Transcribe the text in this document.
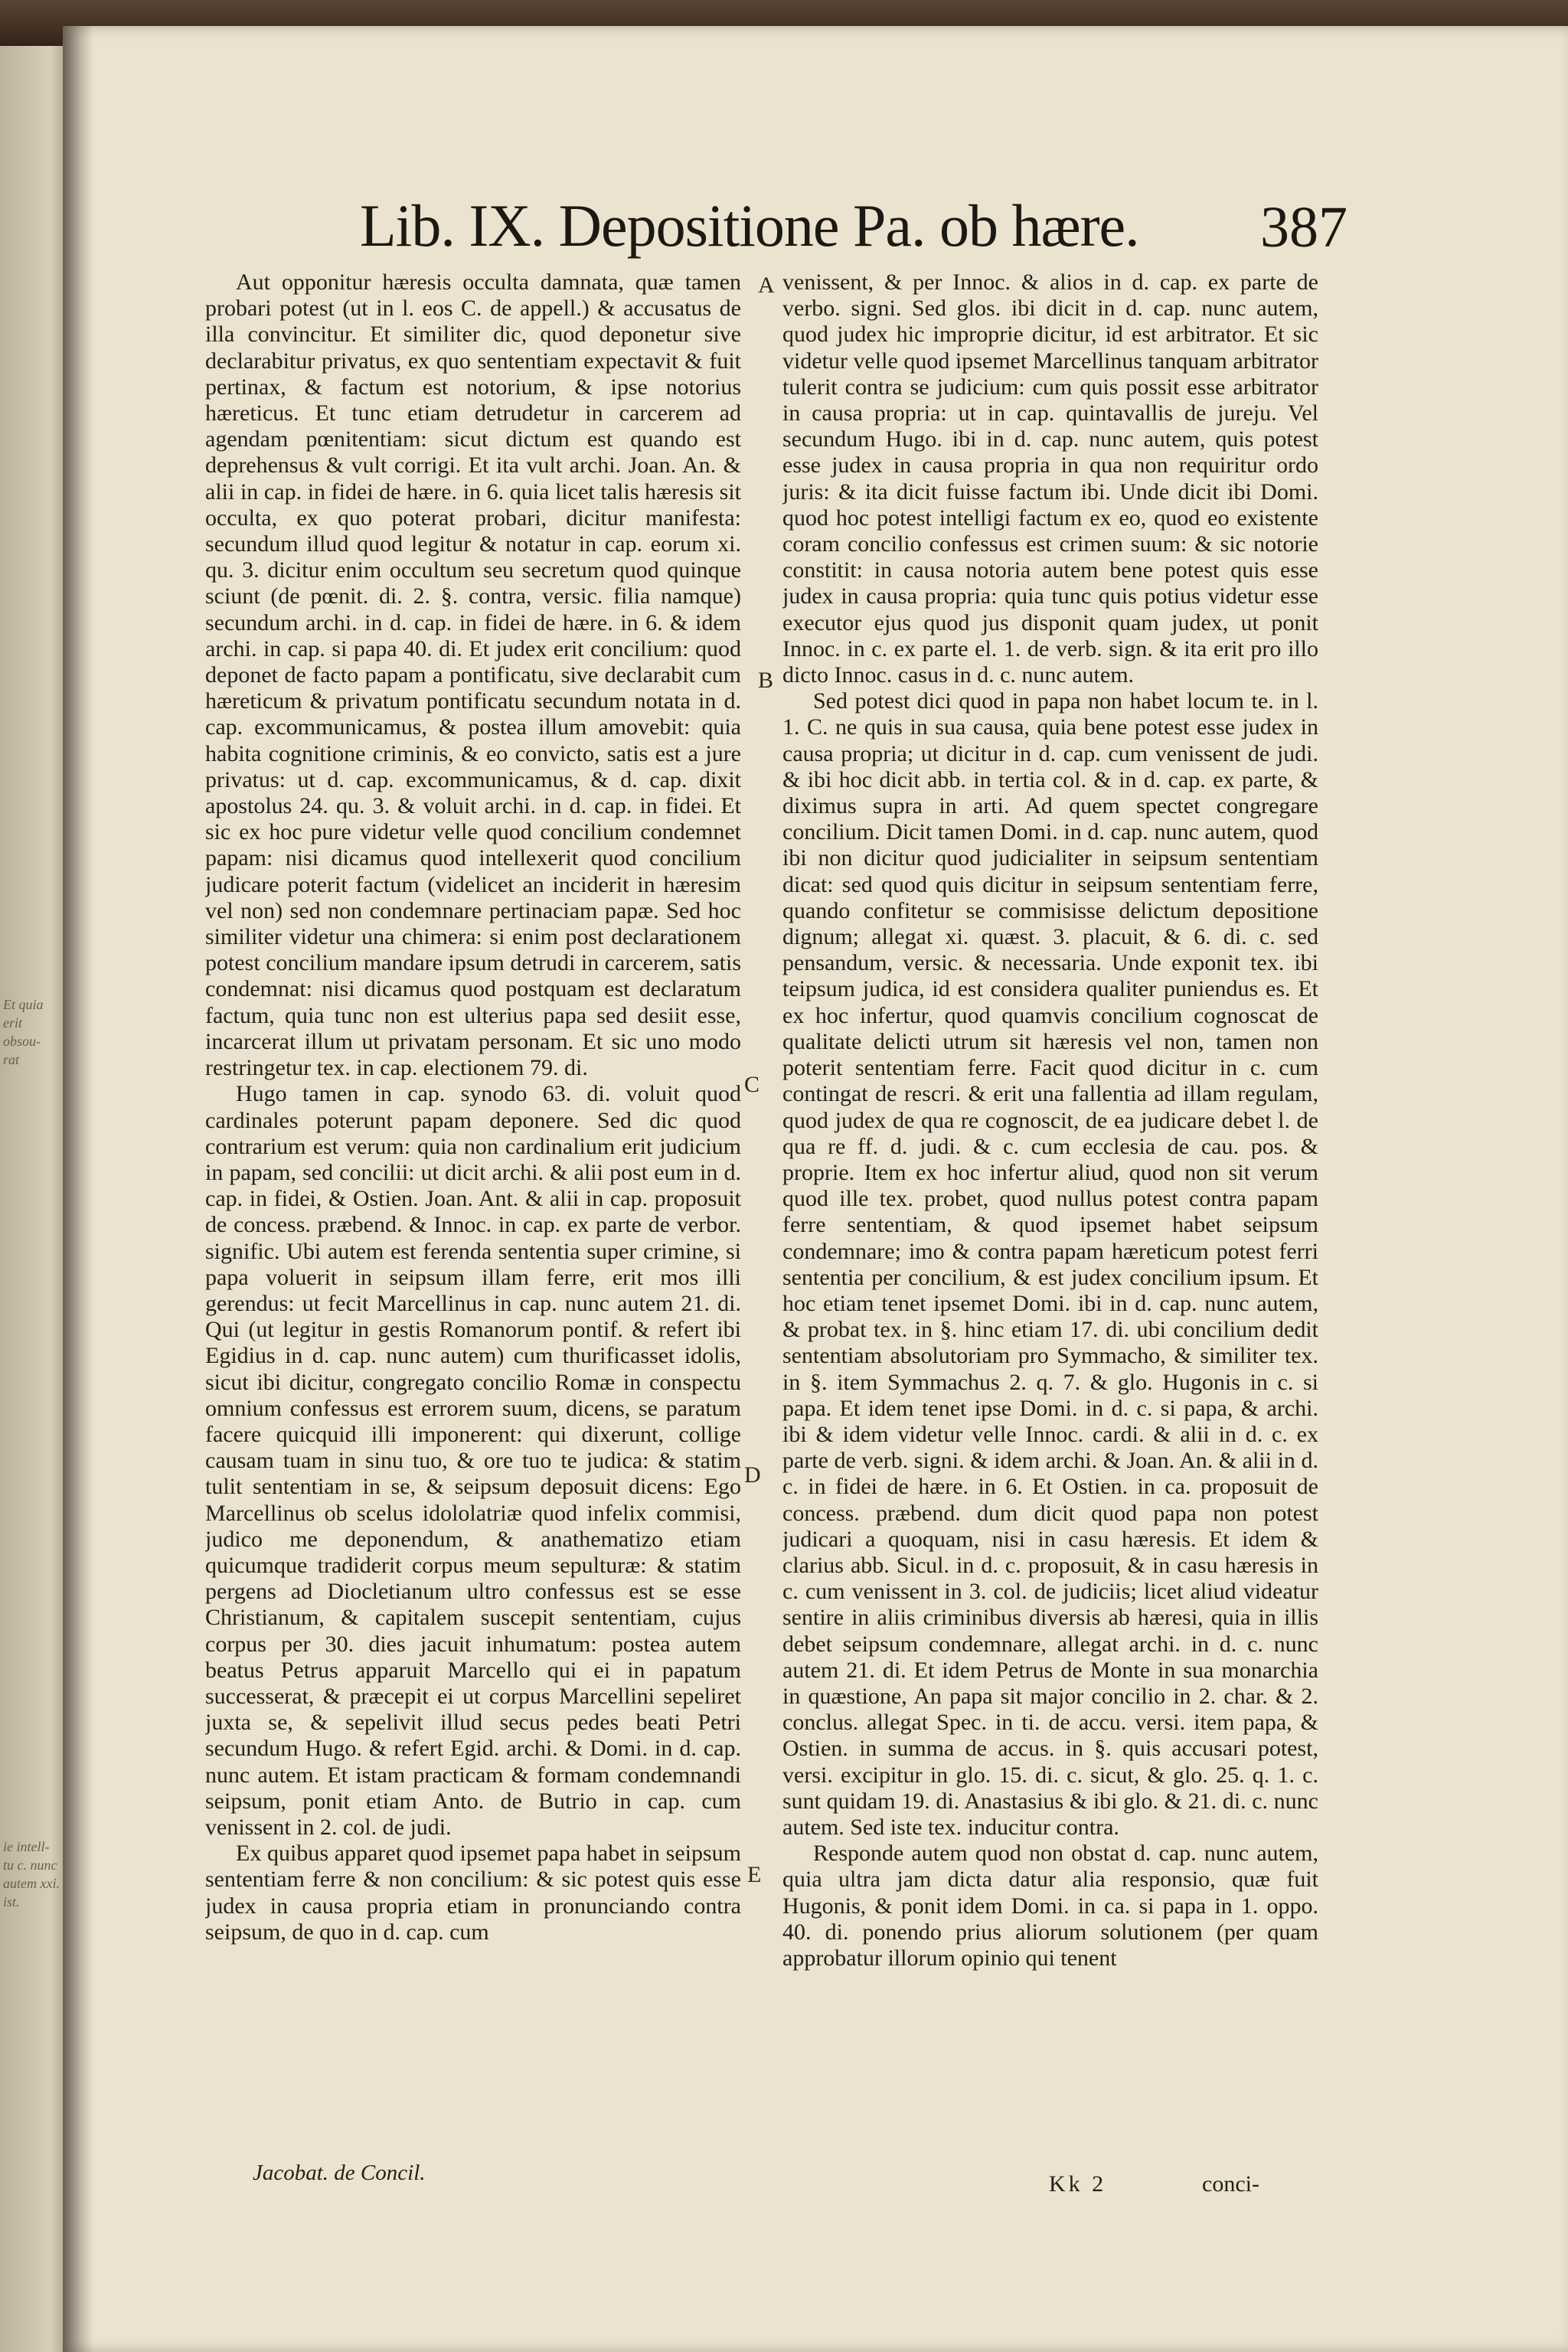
Et quia
erit
obsou-
rat
ie intell-
tu c. nunc
autem xxi.
ist.
Lib. IX. Depositione Pa. ob hære. 387

Aut opponitur hæresis occulta damnata, quæ tamen probari potest (ut in l. eos C. de appell.) & accusatus de illa convincitur. Et similiter dic, quod deponetur sive declarabitur privatus, ex quo sententiam expectavit & fuit pertinax, & factum est notorium, & ipse notorius hæreticus. Et tunc etiam detrudetur in carcerem ad agendam pœnitentiam: sicut dictum est quando est deprehensus & vult corrigi. Et ita vult archi. Joan. An. & alii in cap. in fidei de hære. in 6. quia licet talis hæresis sit occulta, ex quo poterat probari, dicitur manifesta: secundum illud quod legitur & notatur in cap. eorum xi. qu. 3. dicitur enim occultum seu secretum quod quinque sciunt (de pœnit. di. 2. §. contra, versic. filia namque) secundum archi. in d. cap. in fidei de hære. in 6. & idem archi. in cap. si papa 40. di. Et judex erit concilium: quod deponet de facto papam a pontificatu, sive declarabit cum hæreticum & privatum pontificatu secundum notata in d. cap. excommunicamus, & postea illum amovebit: quia habita cognitione criminis, & eo convicto, satis est a jure privatus: ut d. cap. excommunicamus, & d. cap. dixit apostolus 24. qu. 3. & voluit archi. in d. cap. in fidei. Et sic ex hoc pure videtur velle quod concilium condemnet papam: nisi dicamus quod intellexerit quod concilium judicare poterit factum (videlicet an inciderit in hæresim vel non) sed non condemnare pertinaciam papæ. Sed hoc similiter videtur una chimera: si enim post declarationem potest concilium mandare ipsum detrudi in carcerem, satis condemnat: nisi dicamus quod postquam est declaratum factum, quia tunc non est ulterius papa sed desiit esse, incarcerat illum ut privatam personam. Et sic uno modo restringetur tex. in cap. electionem 79. di.

Hugo tamen in cap. synodo 63. di. voluit quod cardinales poterunt papam deponere. Sed dic quod contrarium est verum: quia non cardinalium erit judicium in papam, sed concilii: ut dicit archi. & alii post eum in d. cap. in fidei, & Ostien. Joan. Ant. & alii in cap. proposuit de concess. præbend. & Innoc. in cap. ex parte de verbor. signific. Ubi autem est ferenda sententia super crimine, si papa voluerit in seipsum illam ferre, erit mos illi gerendus: ut fecit Marcellinus in cap. nunc autem 21. di. Qui (ut legitur in gestis Romanorum pontif. & refert ibi Egidius in d. cap. nunc autem) cum thurificasset idolis, sicut ibi dicitur, congregato concilio Romæ in conspectu omnium confessus est errorem suum, dicens, se paratum facere quicquid illi imponerent: qui dixerunt, collige causam tuam in sinu tuo, & ore tuo te judica: & statim tulit sententiam in se, & seipsum deposuit dicens: Ego Marcellinus ob scelus idololatriæ quod infelix commisi, judico me deponendum, & anathematizo etiam quicumque tradiderit corpus meum sepulturæ: & statim pergens ad Diocletianum ultro confessus est se esse Christianum, & capitalem suscepit sententiam, cujus corpus per 30. dies jacuit inhumatum: postea autem beatus Petrus apparuit Marcello qui ei in papatum successerat, & præcepit ei ut corpus Marcellini sepeliret juxta se, & sepelivit illud secus pedes beati Petri secundum Hugo. & refert Egid. archi. & Domi. in d. cap. nunc autem. Et istam practicam & formam condemnandi seipsum, ponit etiam Anto. de Butrio in cap. cum venissent in 2. col. de judi.

Ex quibus apparet quod ipsemet papa habet in seipsum sententiam ferre & non concilium: & sic potest quis esse judex in causa propria etiam in pronunciando contra seipsum, de quo in d. cap. cum

Jacobat. de Concil.
A
B
C
D
E

venissent, & per Innoc. & alios in d. cap. ex parte de verbo. signi. Sed glos. ibi dicit in d. cap. nunc autem, quod judex hic improprie dicitur, id est arbitrator. Et sic videtur velle quod ipsemet Marcellinus tanquam arbitrator tulerit contra se judicium: cum quis possit esse arbitrator in causa propria: ut in cap. quintavallis de jureju. Vel secundum Hugo. ibi in d. cap. nunc autem, quis potest esse judex in causa propria in qua non requiritur ordo juris: & ita dicit fuisse factum ibi. Unde dicit ibi Domi. quod hoc potest intelligi factum ex eo, quod eo existente coram concilio confessus est crimen suum: & sic notorie constitit: in causa notoria autem bene potest quis esse judex in causa propria: quia tunc quis potius videtur esse executor ejus quod jus disponit quam judex, ut ponit Innoc. in c. ex parte el. 1. de verb. sign. & ita erit pro illo dicto Innoc. casus in d. c. nunc autem.

Sed potest dici quod in papa non habet locum te. in l. 1. C. ne quis in sua causa, quia bene potest esse judex in causa propria; ut dicitur in d. cap. cum venissent de judi. & ibi hoc dicit abb. in tertia col. & in d. cap. ex parte, & diximus supra in arti. Ad quem spectet congregare concilium. Dicit tamen Domi. in d. cap. nunc autem, quod ibi non dicitur quod judicialiter in seipsum sententiam dicat: sed quod quis dicitur in seipsum sententiam ferre, quando confitetur se commisisse delictum depositione dignum; allegat xi. quæst. 3. placuit, & 6. di. c. sed pensandum, versic. & necessaria. Unde exponit tex. ibi teipsum judica, id est considera qualiter puniendus es. Et ex hoc infertur, quod quamvis concilium cognoscat de qualitate delicti utrum sit hæresis vel non, tamen non poterit sententiam ferre. Facit quod dicitur in c. cum contingat de rescri. & erit una fallentia ad illam regulam, quod judex de qua re cognoscit, de ea judicare debet l. de qua re ff. d. judi. & c. cum ecclesia de cau. pos. & proprie. Item ex hoc infertur aliud, quod non sit verum quod ille tex. probet, quod nullus potest contra papam ferre sententiam, & quod ipsemet habet seipsum condemnare; imo & contra papam hæreticum potest ferri sententia per concilium, & est judex concilium ipsum. Et hoc etiam tenet ipsemet Domi. ibi in d. cap. nunc autem, & probat tex. in §. hinc etiam 17. di. ubi concilium dedit sententiam absolutoriam pro Symmacho, & similiter tex. in §. item Symmachus 2. q. 7. & glo. Hugonis in c. si papa. Et idem tenet ipse Domi. in d. c. si papa, & archi. ibi & idem videtur velle Innoc. cardi. & alii in d. c. ex parte de verb. signi. & idem archi. & Joan. An. & alii in d. c. in fidei de hære. in 6. Et Ostien. in ca. proposuit de concess. præbend. dum dicit quod papa non potest judicari a quoquam, nisi in casu hæresis. Et idem & clarius abb. Sicul. in d. c. proposuit, & in casu hæresis in c. cum venissent in 3. col. de judiciis; licet aliud videatur sentire in aliis criminibus diversis ab hæresi, quia in illis debet seipsum condemnare, allegat archi. in d. c. nunc autem 21. di. Et idem Petrus de Monte in sua monarchia in quæstione, An papa sit major concilio in 2. char. & 2. conclus. allegat Spec. in ti. de accu. versi. item papa, & Ostien. in summa de accus. in §. quis accusari potest, versi. excipitur in glo. 15. di. c. sicut, & glo. 25. q. 1. c. sunt quidam 19. di. Anastasius & ibi glo. & 21. di. c. nunc autem. Sed iste tex. inducitur contra.

Responde autem quod non obstat d. cap. nunc autem, quia ultra jam dicta datur alia responsio, quæ fuit Hugonis, & ponit idem Domi. in ca. si papa in 1. oppo. 40. di. ponendo prius aliorum solutionem (per quam approbatur illorum opinio qui tenent

Kk 2	conci-
